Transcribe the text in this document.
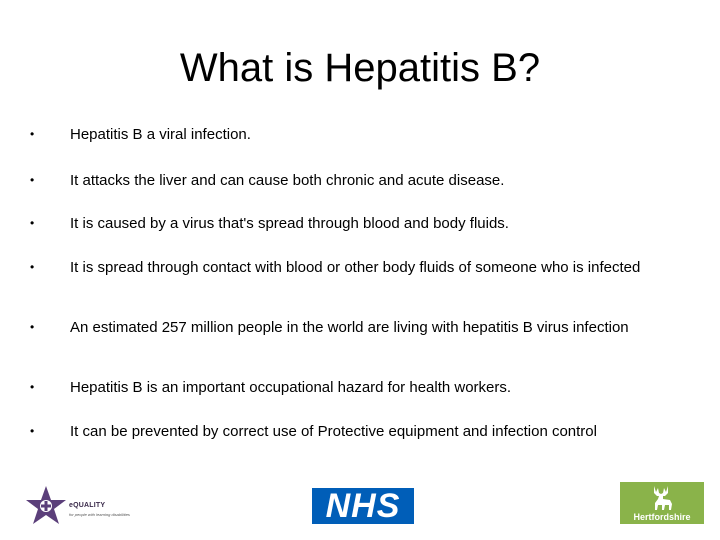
What is Hepatitis B?
•	Hepatitis B a viral infection.
•	It attacks the liver and can cause both chronic and acute disease.
•	It is caused by a virus that's spread through blood and body fluids.
•	It is spread through contact with blood or other body fluids of someone who is infected
•	An estimated 257 million people in the world are living with hepatitis B virus infection
•	Hepatitis B is an important occupational hazard for health workers.
•	It can be prevented by correct use of Protective equipment and infection control
eQUALITY
for people with learning disabilities	NHS	Hertfordshire
